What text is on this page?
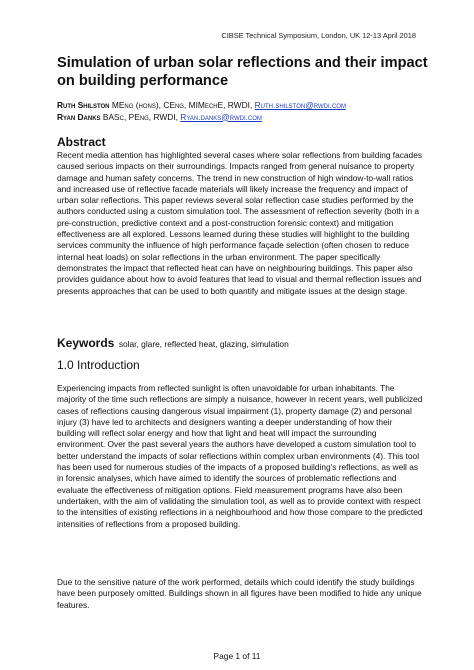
CIBSE Technical Symposium, London, UK 12-13 April 2018
Simulation of urban solar reflections and their impact on building performance
Ruth Shilston MEng (hons), CEng, MIMechE, RWDI, Ruth.shilston@rwdi.com
Ryan Danks BASc, PEng, RWDI, Ryan.danks@rwdi.com
Abstract

Recent media attention has highlighted several cases where solar reflections from building facades caused serious impacts on their surroundings. Impacts ranged from general nuisance to property damage and human safety concerns. The trend in new construction of high window-to-wall ratios and increased use of reflective facade materials will likely increase the frequency and impact of urban solar reflections. This paper reviews several solar reflection case studies performed by the authors conducted using a custom simulation tool. The assessment of reflection severity (both in a pre-construction, predictive context and a post-construction forensic context) and mitigation effectiveness are all explored. Lessons learned during these studies will highlight to the building services community the influence of high performance façade selection (often chosen to reduce internal heat loads) on solar reflections in the urban environment. The paper specifically demonstrates the impact that reflected heat can have on neighbouring buildings. This paper also provides guidance about how to avoid features that lead to visual and thermal reflection issues and presents approaches that can be used to both quantify and mitigate issues at the design stage.

Keywords solar, glare, reflected heat, glazing, simulation
1.0 Introduction

Experiencing impacts from reflected sunlight is often unavoidable for urban inhabitants. The majority of the time such reflections are simply a nuisance, however in recent years, well publicized cases of reflections causing dangerous visual impairment (1), property damage (2) and personal injury (3) have led to architects and designers wanting a deeper understanding of how their building will reflect solar energy and how that light and heat will impact the surrounding environment. Over the past several years the authors have developed a custom simulation tool to better understand the impacts of solar reflections within complex urban environments (4). This tool has been used for numerous studies of the impacts of a proposed building's reflections, as well as in forensic analyses, which have aimed to identify the sources of problematic reflections and evaluate the effectiveness of mitigation options. Field measurement programs have also been undertaken, with the aim of validating the simulation tool, as well as to provide context with respect to the intensities of existing reflections in a neighbourhood and how those compare to the predicted intensities of reflections from a proposed building.

Due to the sensitive nature of the work performed, details which could identify the study buildings have been purposely omitted. Buildings shown in all figures have been modified to hide any unique features.

Page 1 of 11
